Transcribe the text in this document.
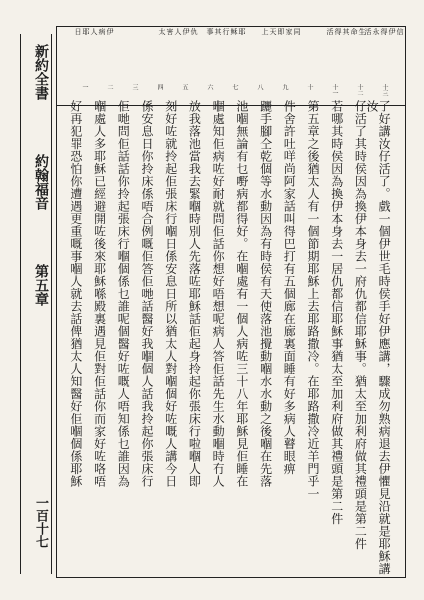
新約全書
約翰福音
第五章
一百十七
信
伊
得
永
活
生
命
其
得
活
同
家
即
天
上
耶
稣
行
其
事
仇
伊
人
害
太
伊
病
人
耶
日
十三
十二
十一
十
九
八
七
六
五
四
三
二
一
了好講汝仔活了。戲一個伊世毛時侯手好伊應講，驟成勿熟病退去伊懼見沿就是耶穌講汝
仔活了其時侯因為換伊本身去一府仇都信耶穌事。猶太至加利府做其禮頭是第二件
若哪其時侯因為換伊本身去一居仇都信耶穌事猶太至加利府做其禮頭是第二件
第五章之後猶太人有一個節期耶穌上去耶路撒冷。在耶路撒冷近羊門乎一
件舍許吐咩尚阿家話叫得巴打有五個廊在廊裏面睡有好多病人瞽眼痹
躧手腳仝乾個等水動因為有時侯有天使落池攪動嗰水水動之後嗰在先落
池嗰無論有乜嘢病都得好。在嗰處有一個人病咗三十八年耶穌見佢睡在
嗰處知佢病咗好耐就問佢話你想好唔想呢病人答佢話先生水動嗰時冇人
放我落池當我去緊嗰時別人先落咗耶穌話佢起身拎起你張床行啦嗰人即
刻好咗就拎起佢張床行嗰日係安息日所以猶太人對嗰個好咗嘅人講今日
係安息日你拎床係唔合例嘅佢答佢哋話醫好我嗰個人話我拎起你張床行
佢哋問佢話話你拎起張床行嗰個係乜誰呢個醫好咗嘅人唔知係乜誰因為
嗰處人多耶穌已經避開咗後來耶穌喺殿裏遇見佢對佢話你而家好咗咯唔
好再犯罪恐怕你遭遇更重嘅事嗰人就去話俾猶太人知醫好佢嗰個係耶穌
